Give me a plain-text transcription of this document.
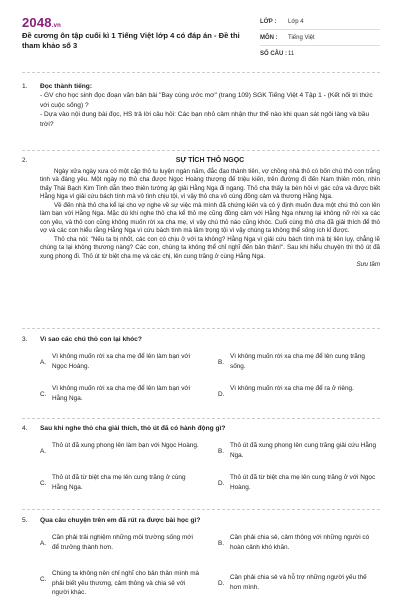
2048.vn
Đề cương ôn tập cuối kì 1 Tiếng Việt lớp 4 có đáp án - Đề thi tham khảo số 3
LỚP :	Lớp 4
MÔN :	Tiếng Việt
SỐ CÂU : 11
1. Đọc thành tiếng:
- GV cho học sinh đọc đoạn văn bản bài "Bay cùng ước mơ" (trang 109) SGK Tiếng Việt 4 Tập 1 - (Kết nối tri thức với cuộc sống) ?
- Dựa vào nội dung bài đọc, HS trả lời câu hỏi: Các bạn nhỏ cảm nhận thư thế nào khi quan sát ngôi làng và bầu trời?
2.	SỰ TÍCH THỎ NGỌC
Ngày xửa ngày xưa có một cặp thỏ tu luyện ngàn năm, đắc đạo thành tiên, vợ chồng nhà thỏ có bốn chú thỏ con trắng tinh và đáng yêu. Một ngày nọ thỏ cha được Ngọc Hoàng thượng đế triệu kiến, trên đường đi đến Nam thiên môn, nhìn thấy Thái Bạch Kim Tinh dẫn theo thiên tướng áp giải Hằng Nga đi ngang. Thỏ cha thấy lạ bèn hỏi vì gác cửa và được biết Hằng Nga vì giải cứu bách tính mà vô tình chịu tội, vì vậy thỏ cha vô cùng đồng cảm và thương Hằng Nga.
Về đến nhà thỏ cha kể lại cho vợ nghe về sự việc mà mình đã chứng kiến và có ý định muốn đưa một chú thỏ con lên làm bạn với Hằng Nga. Mặc dù khi nghe thỏ cha kể thỏ mẹ cũng đồng cảm với Hằng Nga nhưng lại không nỡ rời xa các con yêu, và thỏ con cũng không muốn rời xa cha mẹ, vì vậy chú thỏ nào cũng khóc. Cuối cùng thỏ cha đã giải thích để thỏ vợ và các con hiểu rằng Hằng Nga vì cứu bách tính mà lâm trọng tội vì vậy chúng ta không thể sống ích kỉ được.
Thỏ cha nói: "Nếu ta bị nhốt, các con có chịu ở với ta không? Hằng Nga vì giải cứu bách tính mà bị liên lụy, chẳng lẽ chúng ta lại không thương nàng? Các con, chúng ta không thể chỉ nghĩ đến bản thân!". Sau khi hiểu chuyện thì thỏ út đã xung phong đi. Thỏ út từ biệt cha mẹ và các chị, lên cung trăng ở cùng Hằng Nga.
Sưu tầm
3. Vì sao các chú thỏ con lại khóc?
A.
Vì không muốn rời xa cha mẹ để lên làm bạn với Ngọc Hoàng.	B.
Vì không muốn rời xa cha mẹ để lên cung trăng sống.
C.
Vì không muốn rời xa cha mẹ để lên làm bạn với Hằng Nga.	D.
Vì không muốn rời xa cha mẹ để ra ở riêng.
4. Sau khi nghe thỏ cha giải thích, thỏ út đã có hành động gì?
A.
Thỏ út đã xung phong lên làm bạn với Ngọc Hoàng.
B.
Thỏ út đã xung phong lên cung trăng giải cứu Hằng Nga.
C.
Thỏ út đã từ biệt cha mẹ lên cung trăng ở cùng Hằng Nga.	D.
Thỏ út đã từ biệt cha mẹ lên cung trăng ở với Ngọc Hoàng.
5. Qua câu chuyện trên em đã rút ra được bài học gì?
A.
Cần phải trải nghiệm những môi trường sống mới để trưởng thành hơn.	B.
Cần phải chia sẻ, cảm thông với những người có hoàn cảnh khó khăn.
C.
Chúng ta không nên chỉ nghĩ cho bản thân mình mà phải biết yêu thương, cảm thông và chia sẻ với người khác.
D.
Cần phải chia sẻ và hỗ trợ những người yếu thế hơn mình.
